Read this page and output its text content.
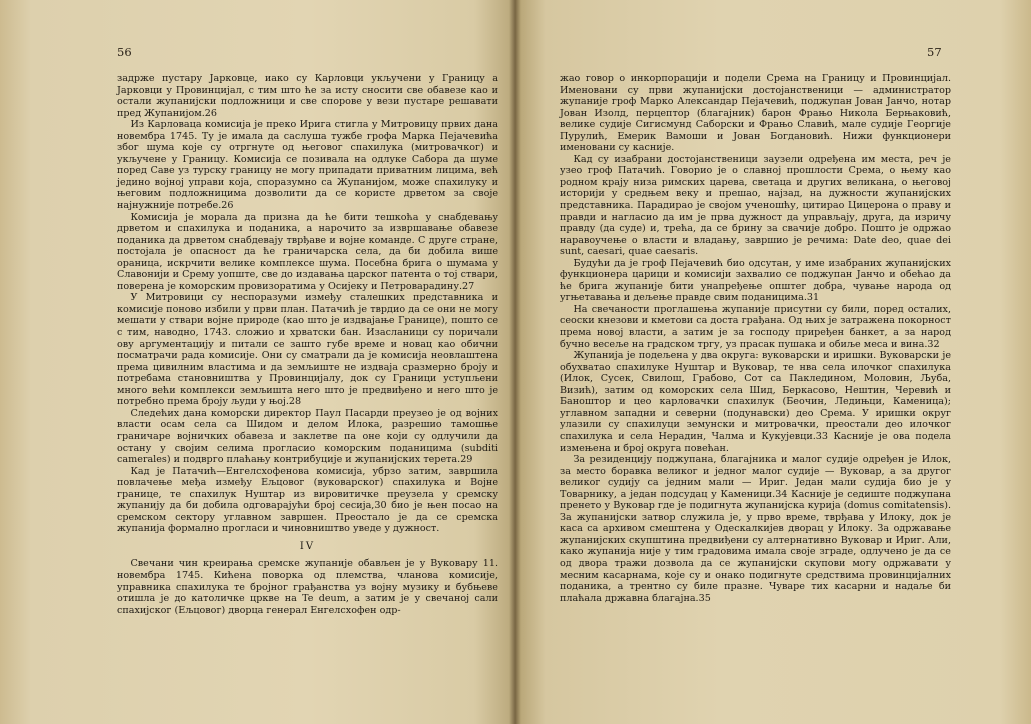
56

задрже пустару Јарковце, иако су Карловци укључени у Границу а Јарковци у Провинцијал, с тим што ће за исту сносити све обавезе као и остали жупанијски подложници и све спорове у вези пустаре решавати пред Жупанијом.26

Из Карловаца комисија је преко Ирига стигла у Митровицу првих дана новембра 1745. Ту је имала да саслуша тужбе грофа Марка Пејачевића због шума које су отргнуте од његовог спахилука (митровачког) и укључене у Границу. Комисија се позивала на одлуке Сабора да шуме поред Саве уз турску границу не могу припадати приватним лицима, већ једино војној управи која, споразумно са Жупанијом, може спахилуку и његовим подложницима дозволити да се користе дрветом за своје најнужније потребе.26

Комисија је морала да призна да ће бити тешкоћа у снабдевању дрветом и спахилука и поданика, а нарочито за извршавање обавезе поданика да дрветом снабдевају тврђаве и војне команде. С друге стране, постојала је опасност да ће граничарска села, да би добила више ораница, искрчити велике комплексе шума. Посебна брига о шумама у Славонији и Срему уопште, све до издавања царског патента о тој ствари, поверена је коморским провизоратима у Осијеку и Петроварадину.27

У Митровици су неспоразуми између сталешких представника и комисије поново избили у први план. Патачић је тврдио да се они не могу мешати у ствари војне природе (као што је издвајање Границе), пошто се с тим, наводно, 1743. сложио и хрватски бан. Изасланици су поричали ову аргументацију и питали се зашто губе време и новац као обични посматрачи рада комисије. Они су сматрали да је комисија неовлаштена према цивилним властима и да земљиште не издваја сразмерно броју и потребама становништва у Провинцијалу, док су Граници уступљени много већи комплекси земљишта него што је предвиђено и него што је потребно према броју људи у њој.28

Следећих дана коморски директор Паул Пасарди преузео је од војних власти осам села са Шидом и делом Илока, разрешио тамошње граничаре војничких обавеза и заклетве па оне који су одлучили да остану у својим селима прогласио коморским поданицима (subditi camerales) и подврго плаћању контрибуције и жупанијских терета.29

Кад је Патачић—Енгелсхофенова комисија, убрзо затим, завршила повлачење међа између Ељцовог (вуковарског) спахилука и Војне границе, те спахилук Нуштар из вировитичке преузела у сремску жупанију да би добила одговарајући број сесија,30 био је њен посао на сремском сектору углавном завршен. Преостало је да се сремска жупанија формално прогласи и чиновништво уведе у дужност.

IV

Свечани чин креирања сремске жупаније обављен је у Вуковару 11. новембра 1745. Кићена поворка од племства, чланова комисије, управника спахилука те бројног грађанства уз војну музику и бубњеве отишла је до католичке цркве на Te deum, а затим је у свечаној сали спахијског (Ељцовог) дворца генерал Енгелсхофен одр-

57

жао говор о инкорпорацији и подели Срема на Границу и Провинцијал. Именовани су први жупанијски достојанственици — администратор жупаније гроф Марко Александар Пејачевић, поджупан Јован Јанчо, нотар Јован Изолд, перцептор (благајник) барон Фрањо Никола Берњаковић, велике судије Сигисмунд Саборски и Фрањо Славић, мале судије Георгије Пурулић, Емерик Вамоши и Јован Богдановић. Нижи функционери именовани су касније.

Кад су изабрани достојанственици заузели одређена им места, реч је узео гроф Патачић. Говорио је о славној прошлости Срема, о њему као родном крају низа римских царева, светаца и других великана, о његовој историји у средњем веку и прешао, најзад, на дужности жупанијских представника. Парадирао је својом ученошћу, цитирао Цицерона о праву и правди и нагласио да им је прва дужност да управљају, друга, да изричу правду (да суде) и, трећа, да се брину за свачије добро. Пошто је одржао наравоучење о власти и владању, завршио је речима: Date deo, quae dei sunt, caesari, quae caesaris.

Будући да је гроф Пејачевић био одсутан, у име изабраних жупанијских функционера царици и комисији захвалио се поджупан Јанчо и обећао да ће брига жупаније бити унапређење општег добра, чување народа од угњетавања и дељење правде свим поданицима.31

На свечаности проглашења жупаније присутни су били, поред осталих, сеоски кнезови и кметови са доста грађана. Од њих је затражена покорност према новој власти, а затим је за господу приређен банкет, а за народ бучно весеље на градском тргу, уз прасак пушака и обиље меса и вина.32

Жупанија је подељена у два округа: вуковарски и иришки. Вуковарски је обухватао спахилуке Нуштар и Вуковар, те нва села илочког спахилука (Илок, Сусек, Свилош, Грабово, Сот са Пакледином, Моловин, Љуба, Визић), затим од коморских села Шид, Беркасово, Нештин, Черевић и Баноштор и цео карловачки спахилук (Беочин, Ледињци, Каменица); углавном западни и северни (подунавски) део Срема. У иришки округ улазили су спахилуци земунски и митровачки, преостали део илочког спахилука и села Нерадин, Чалма и Кукујевци.33 Касније је ова подела измењена и број округа повећан.

За резиденцију поджупана, благајника и малог судије одређен је Илок, за место боравка великог и једног малог судије — Вуковар, а за другог великог судију са једним мали — Ириг. Један мали судија био је у Товарнику, а један подсудац у Каменици.34 Касније је седиште поджупана пренето у Вуковар где је подигнута жупанијска курија (domus comitatensis). За жупанијски затвор служила је, у прво време, тврђава у Илоку, док је каса са архивом смештена у Одескалкијев дворац у Илоку. За одржавање жупанијских скупштина предвиђени су алтернативно Вуковар и Ириг. Али, како жупанија није у тим градовима имала своје зграде, одлучено је да се од двора тражи дозвола да се жупанијски скупови могу одржавати у месним касарнама, које су и онако подигнуте средствима провинцијалних поданика, а трентно су биле празне. Чуваре тих касарни и надаље би плаћала државна благајна.35
